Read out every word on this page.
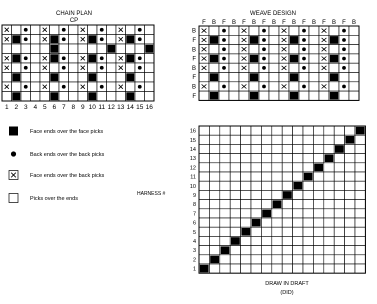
CHAIN PLAN
CP
1 2 3 4 5 6 7 8 9 10 11 12 13 14 15 16
WEAVE DESIGN
F B F B F B F B F B F B F B F B
B
F
B
F
B
F
B
F
Face ends over the face picks
Back ends over the back picks
Face ends over the back picks
Picks over the ends
HARNESS #
16
15
14
13
12
11
10
9
8
7
6
5
4
3
2
1
DRAW IN DRAFT
(DID)
